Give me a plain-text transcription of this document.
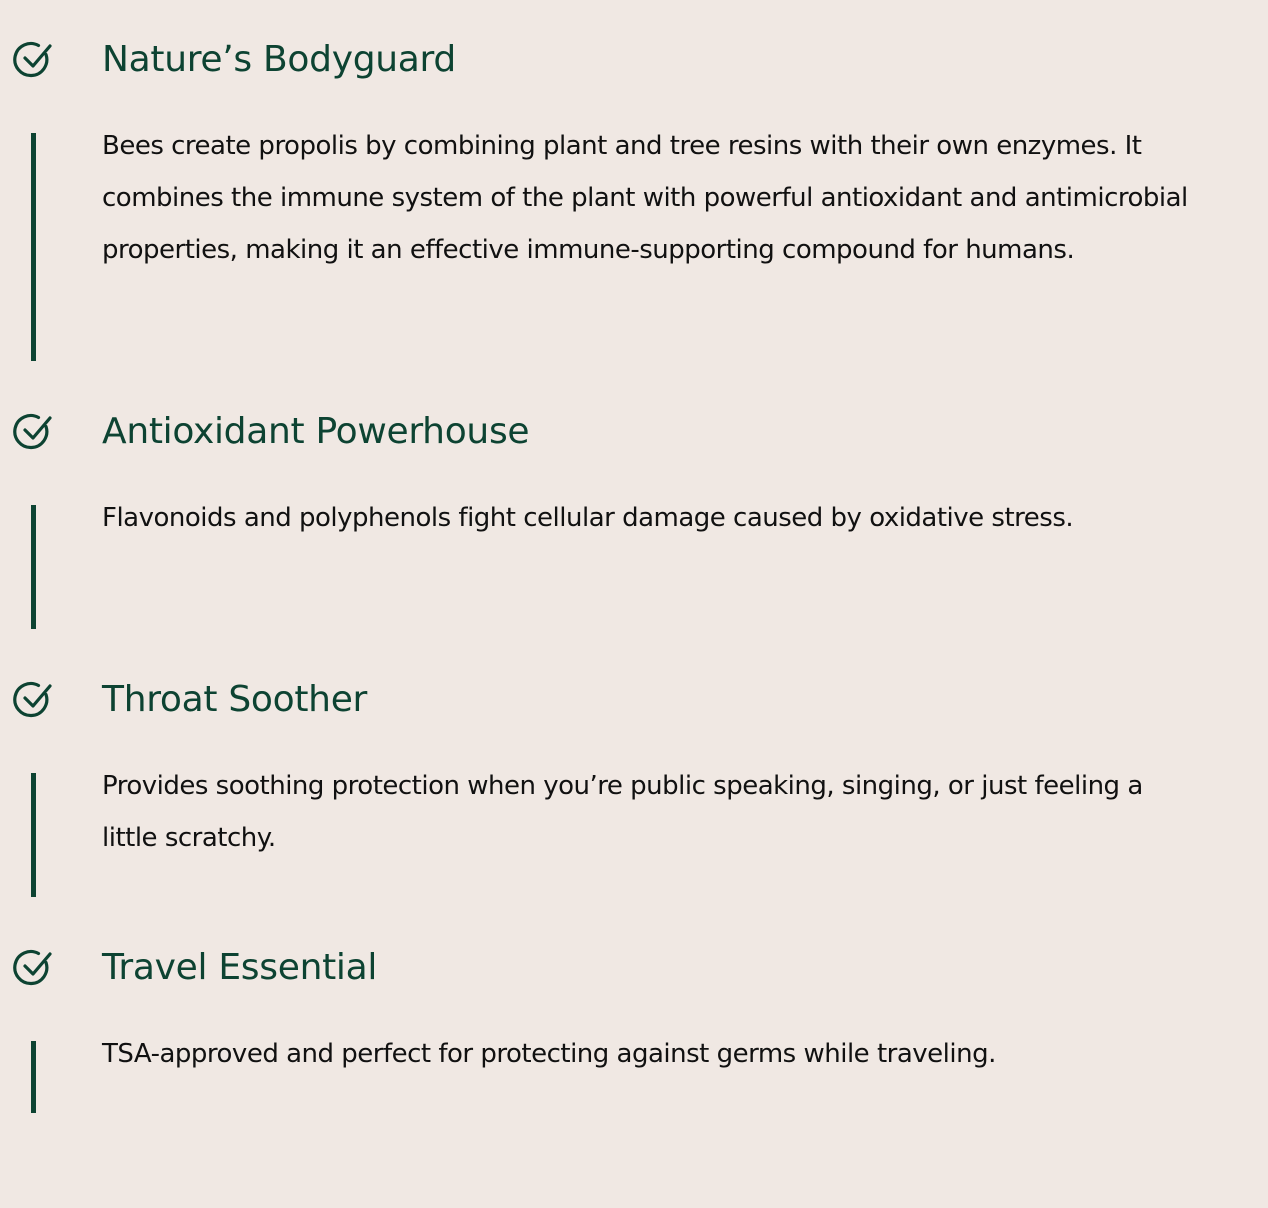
Nature’s Bodyguard

Bees create propolis by combining plant and tree resins with their own enzymes. It combines the immune system of the plant with powerful antioxidant and antimicrobial properties, making it an effective immune-supporting compound for humans.

Antioxidant Powerhouse

Flavonoids and polyphenols fight cellular damage caused by oxidative stress.

Throat Soother

Provides soothing protection when you’re public speaking, singing, or just feeling a little scratchy.

Travel Essential

TSA-approved and perfect for protecting against germs while traveling.
